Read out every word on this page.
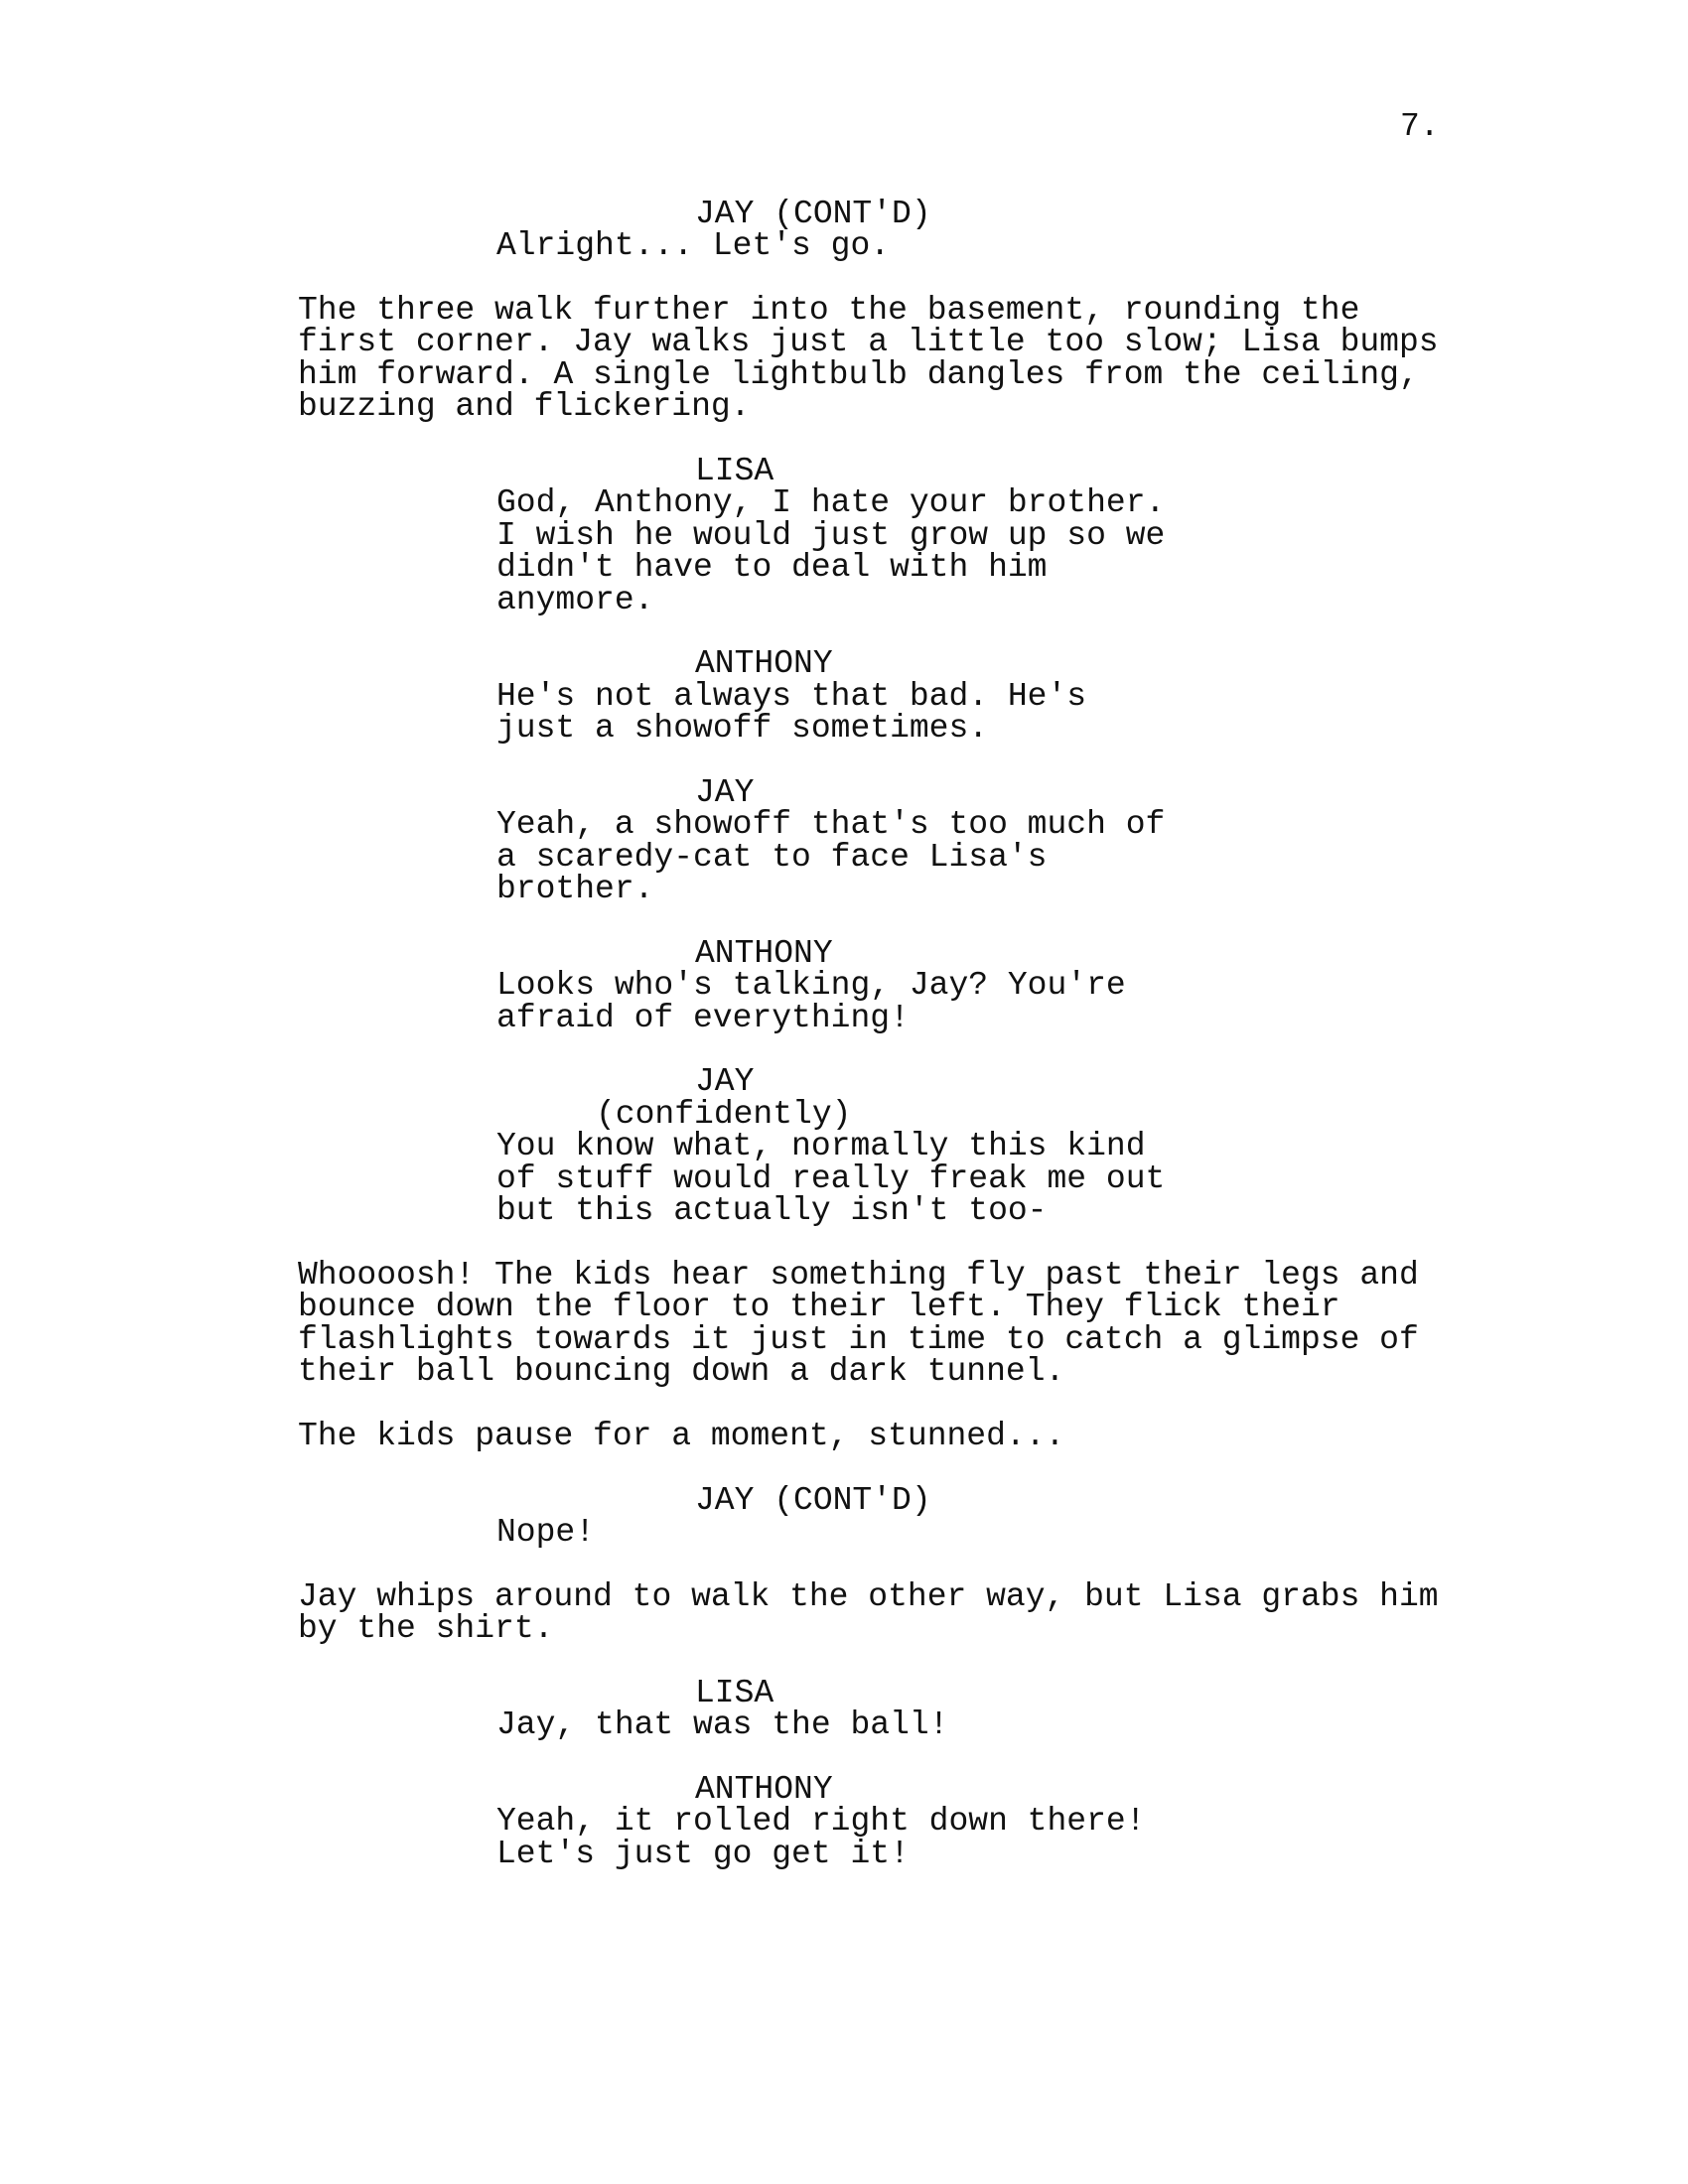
7.
JAY (CONT'D)
Alright... Let's go.
The three walk further into the basement, rounding the
first corner. Jay walks just a little too slow; Lisa bumps
him forward. A single lightbulb dangles from the ceiling,
buzzing and flickering.
LISA
God, Anthony, I hate your brother.
I wish he would just grow up so we
didn't have to deal with him
anymore.
ANTHONY
He's not always that bad. He's
just a showoff sometimes.
JAY
Yeah, a showoff that's too much of
a scaredy-cat to face Lisa's
brother.
ANTHONY
Looks who's talking, Jay? You're
afraid of everything!
JAY
(confidently)
You know what, normally this kind
of stuff would really freak me out
but this actually isn't too-
Whoooosh! The kids hear something fly past their legs and
bounce down the floor to their left. They flick their
flashlights towards it just in time to catch a glimpse of
their ball bouncing down a dark tunnel.
The kids pause for a moment, stunned...
JAY (CONT'D)
Nope!
Jay whips around to walk the other way, but Lisa grabs him
by the shirt.
LISA
Jay, that was the ball!
ANTHONY
Yeah, it rolled right down there!
Let's just go get it!
